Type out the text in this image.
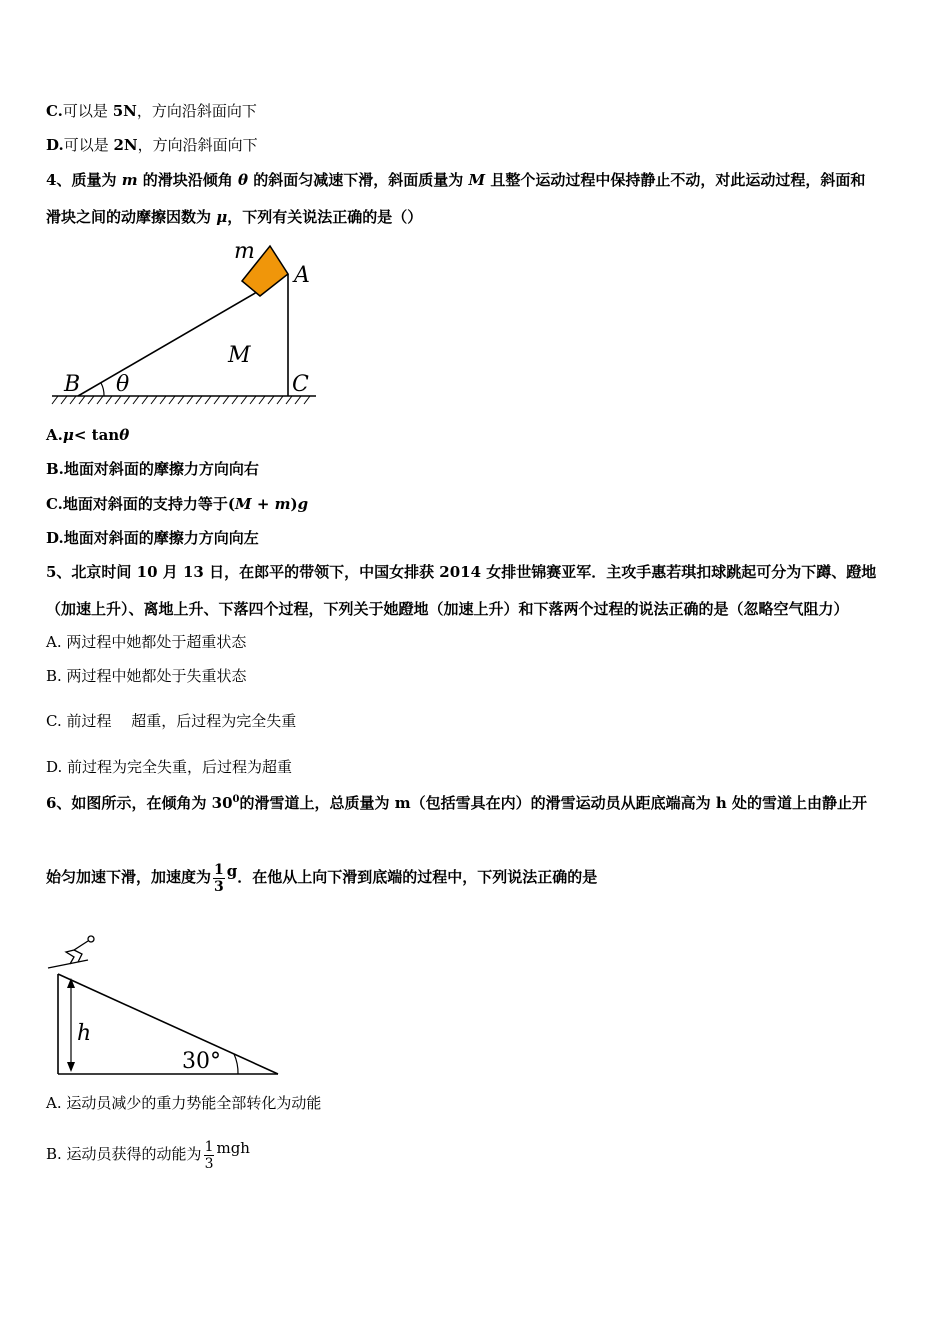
C.可以是 5N，方向沿斜面向下
D.可以是 2N，方向沿斜面向下
4、质量为 m 的滑块沿倾角 θ 的斜面匀减速下滑，斜面质量为 M 且整个运动过程中保持静止不动，对此运动过程，斜面和
滑块之间的动摩擦因数为 μ，下列有关说法正确的是（）
m
A
M
B θ	C
A.μ< tanθ
B.地面对斜面的摩擦力方向向右
C.地面对斜面的支持力等于(M + m)g
D.地面对斜面的摩擦力方向向左
5、北京时间 10 月 13 日，在郎平的带领下，中国女排获 2014 女排世锦赛亚军．主攻手惠若琪扣球跳起可分为下蹲、蹬地
（加速上升）、离地上升、下落四个过程，下列关于她蹬地（加速上升）和下落两个过程的说法正确的是（忽略空气阻力）
A. 两过程中她都处于超重状态
B. 两过程中她都处于失重状态
C. 前过程　 超重，后过程为完全失重
D. 前过程为完全失重，后过程为超重
6、如图所示，在倾角为 $30^0$的滑雪道上，总质量为 m（包括雪具在内）的滑雪运动员从距底端高为 h 处的雪道上由静止开
始匀加速下滑，加速度为 $\frac{1}{3}$ g．在他从上向下滑到底端的过程中，下列说法正确的是
h
30°
A. 运动员减少的重力势能全部转化为动能
B. 运动员获得的动能为 $\frac{1}{3}$ mgh
